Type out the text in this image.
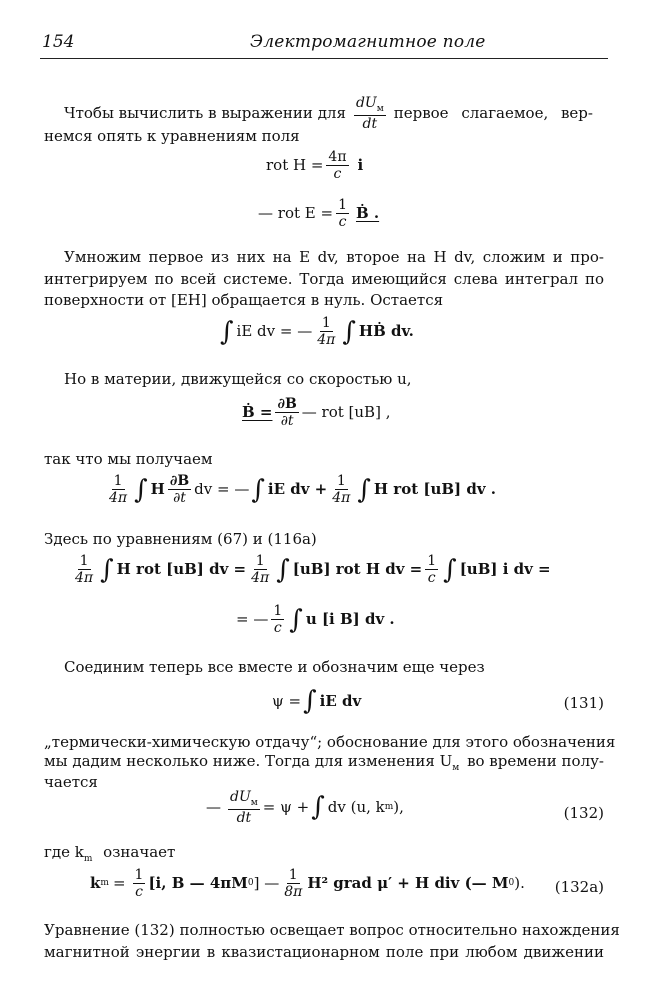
154	Электромагнитное поле
Чтобы вычислить в выражении для $\frac{dU_м}{dt}$ первое слагаемое, вер-
немся опять к уравнениям поля
rot $H = \frac{4\pi}{c}$ i
— rot $E = \frac{1}{c}$ Ḃ .
Умножим первое из них на E dv, второе на H dv, сложим и про-
интегрируем по всей системе. Тогда имеющийся слева интеграл по
поверхности от [EH] обращается в нуль. Остается
∫ iE dv = — $\frac{1}{4\pi}$ ∫ HḂ dv.
Но в материи, движущейся со скоростью u,
Ḃ = $\frac{\partial B}{\partial t}$ — rot [uB] ,
так что мы получаем
$\frac{1}{4\pi}$ ∫ H $\frac{\partial B}{\partial t}$ dv = — ∫ iE dv + $\frac{1}{4\pi}$ ∫ H rot [uB] dv .
Здесь по уравнениям (67) и (116а)
$\frac{1}{4\pi}$ ∫ H rot [uB] dv = $\frac{1}{4\pi}$ ∫ [uB] rot H dv = $\frac{1}{c}$ ∫ [uB] i dv =
= — $\frac{1}{c}$ ∫ u [i B] dv .
Соединим теперь все вместе и обозначим еще через
ψ = ∫ iE dv	(131)
„термически-химическую отдачу“; обоснование для этого обозначения
мы дадим несколько ниже. Тогда для изменения $U_м$ во времени полу-
чается
— $\frac{dU_м}{dt} = \psi$ + ∫ dv (u, k m ),	(132)
где $k_m$ означает
k $m = \frac{1}{c} [i$, B — 4πM 0 ] — $\frac{1}{8\pi} H^2$ grad μ′ + H div (— M 0 ). (132a)
Уравнение (132) полностью освещает вопрос относительно нахождения
магнитной энергии в квазистационарном поле при любом движении
